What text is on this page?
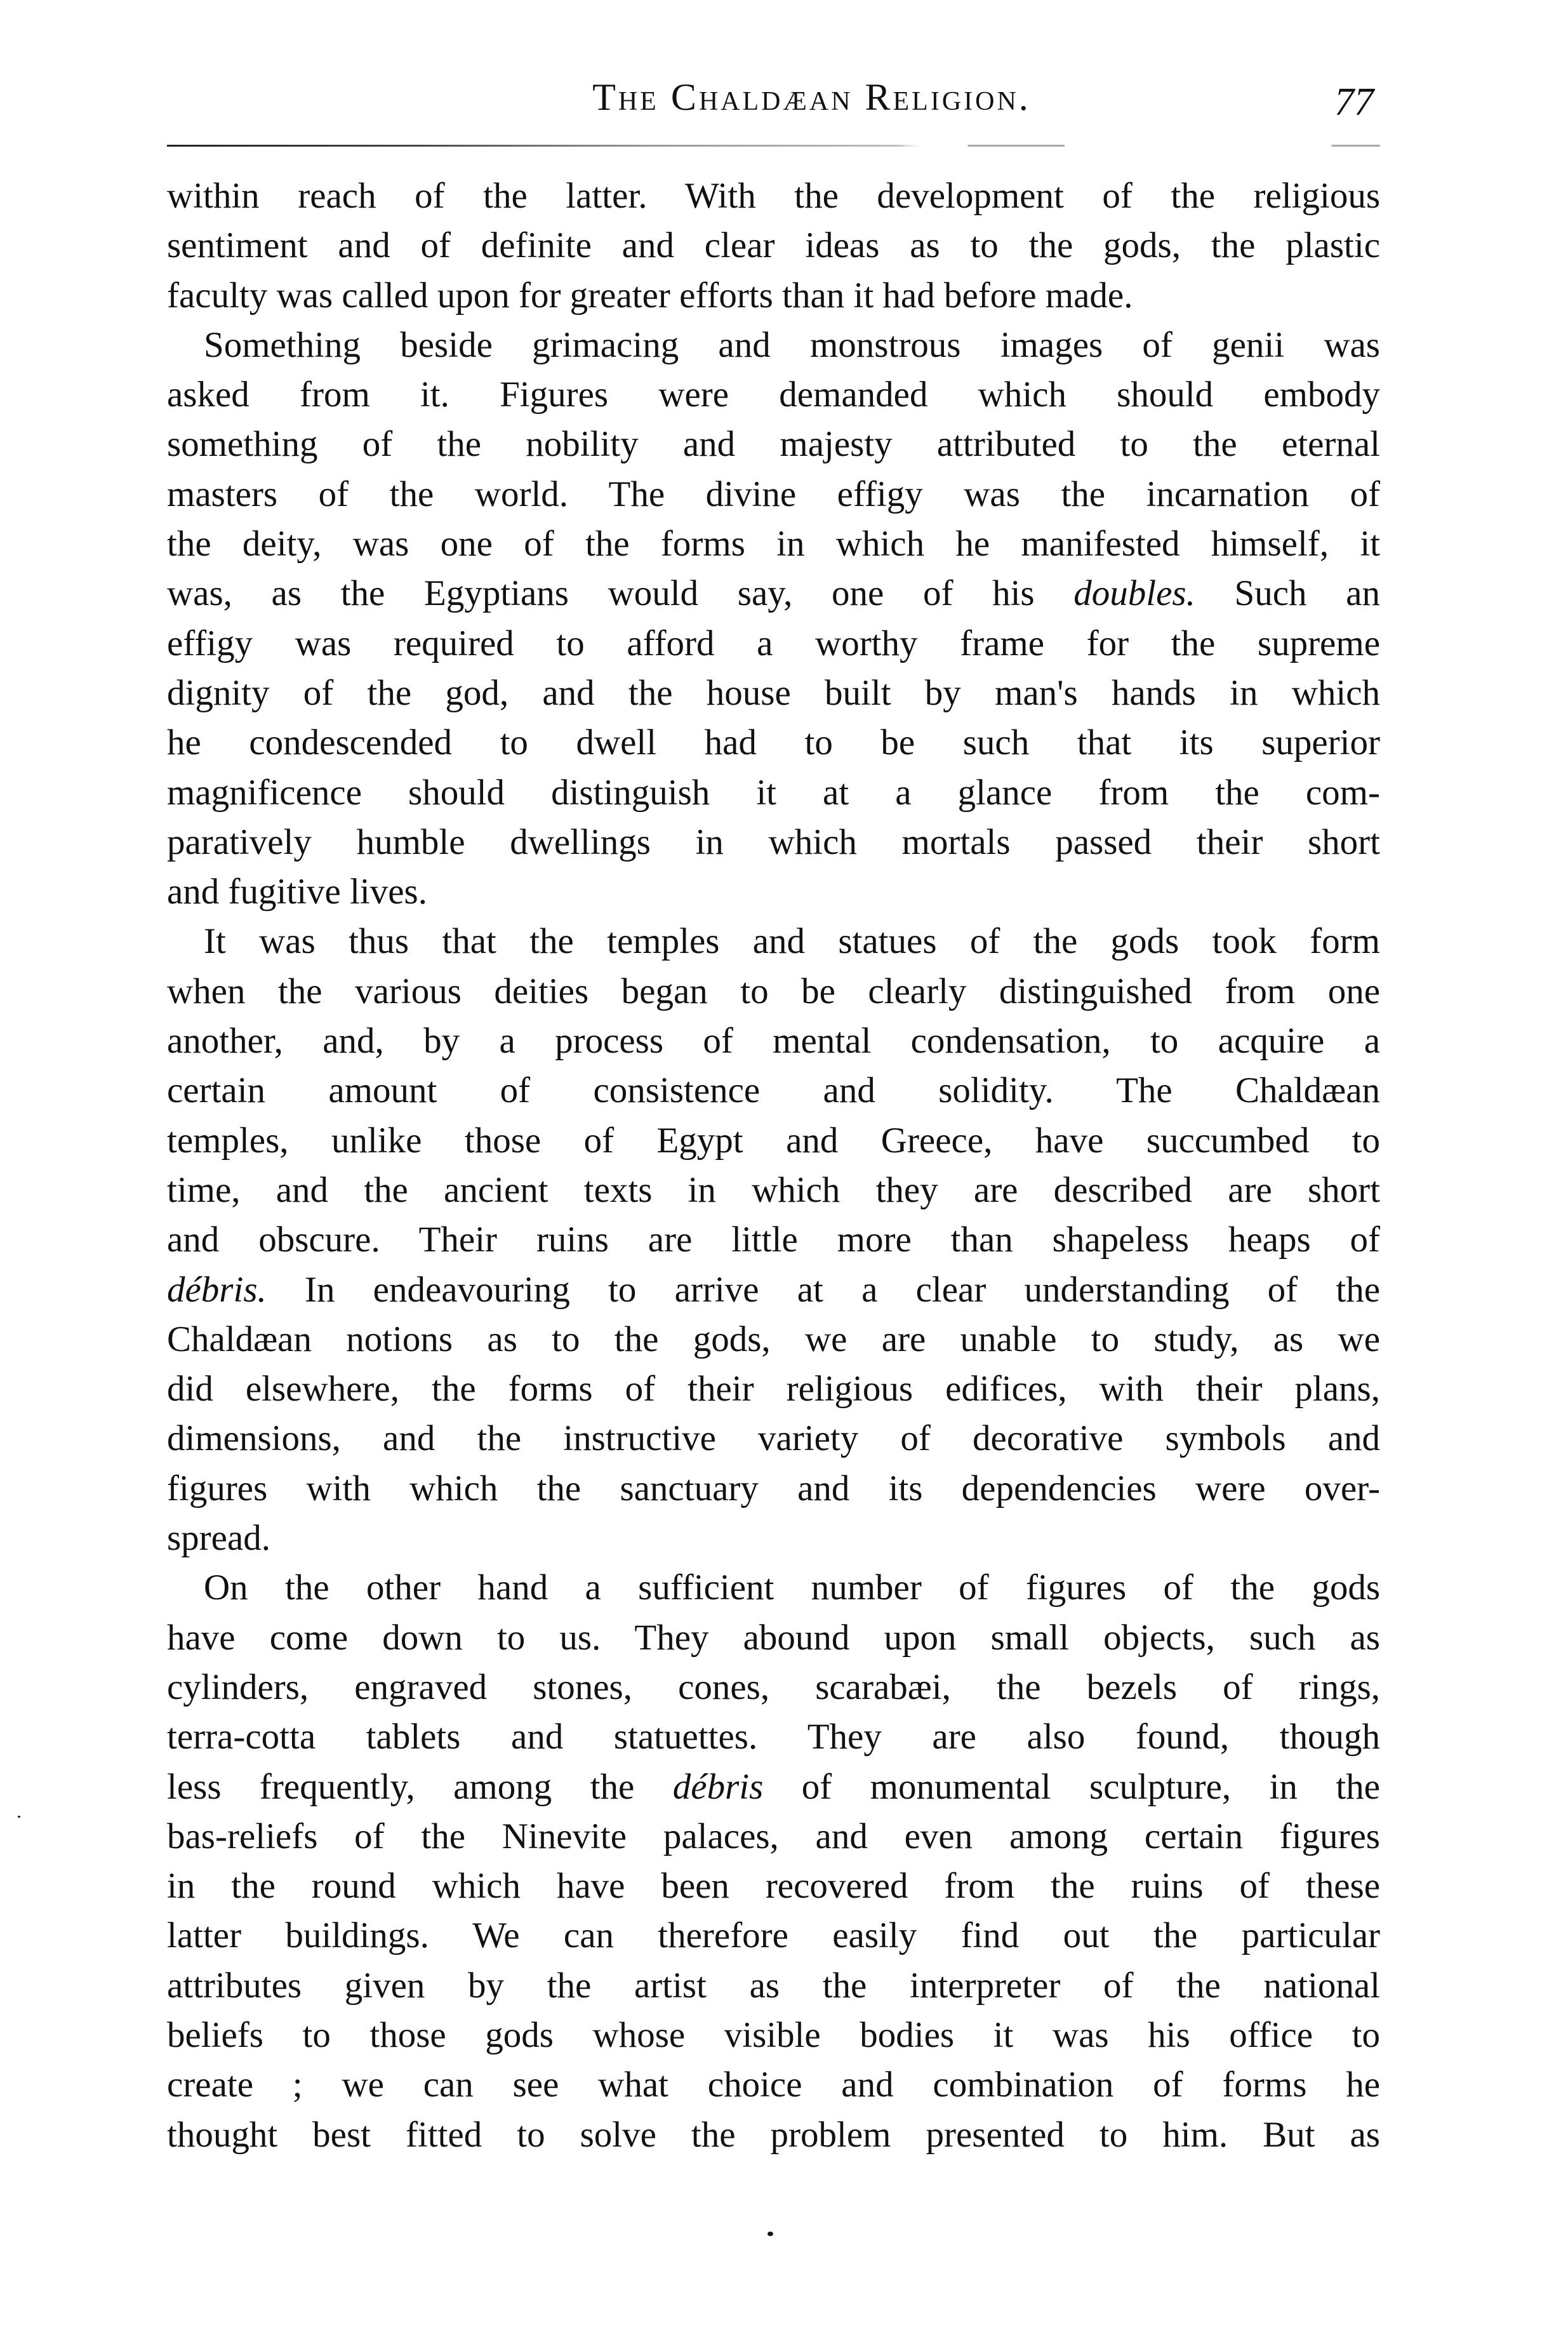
The Chaldæan Religion.	77
within reach of the latter. With the development of the religious
sentiment and of definite and clear ideas as to the gods, the plastic
faculty was called upon for greater efforts than it had before made.
Something beside grimacing and monstrous images of genii was
asked from it. Figures were demanded which should embody
something of the nobility and majesty attributed to the eternal
masters of the world. The divine effigy was the incarnation of
the deity, was one of the forms in which he manifested himself, it
was, as the Egyptians would say, one of his doubles. Such an
effigy was required to afford a worthy frame for the supreme
dignity of the god, and the house built by man's hands in which
he condescended to dwell had to be such that its superior
magnificence should distinguish it at a glance from the com-
paratively humble dwellings in which mortals passed their short
and fugitive lives.
It was thus that the temples and statues of the gods took form
when the various deities began to be clearly distinguished from one
another, and, by a process of mental condensation, to acquire a
certain amount of consistence and solidity. The Chaldæan
temples, unlike those of Egypt and Greece, have succumbed to
time, and the ancient texts in which they are described are short
and obscure. Their ruins are little more than shapeless heaps of
débris. In endeavouring to arrive at a clear understanding of the
Chaldæan notions as to the gods, we are unable to study, as we
did elsewhere, the forms of their religious edifices, with their plans,
dimensions, and the instructive variety of decorative symbols and
figures with which the sanctuary and its dependencies were over-
spread.
On the other hand a sufficient number of figures of the gods
have come down to us. They abound upon small objects, such as
cylinders, engraved stones, cones, scarabæi, the bezels of rings,
terra-cotta tablets and statuettes. They are also found, though
less frequently, among the débris of monumental sculpture, in the
bas-reliefs of the Ninevite palaces, and even among certain figures
in the round which have been recovered from the ruins of these
latter buildings. We can therefore easily find out the particular
attributes given by the artist as the interpreter of the national
beliefs to those gods whose visible bodies it was his office to
create ; we can see what choice and combination of forms he
thought best fitted to solve the problem presented to him. But as
